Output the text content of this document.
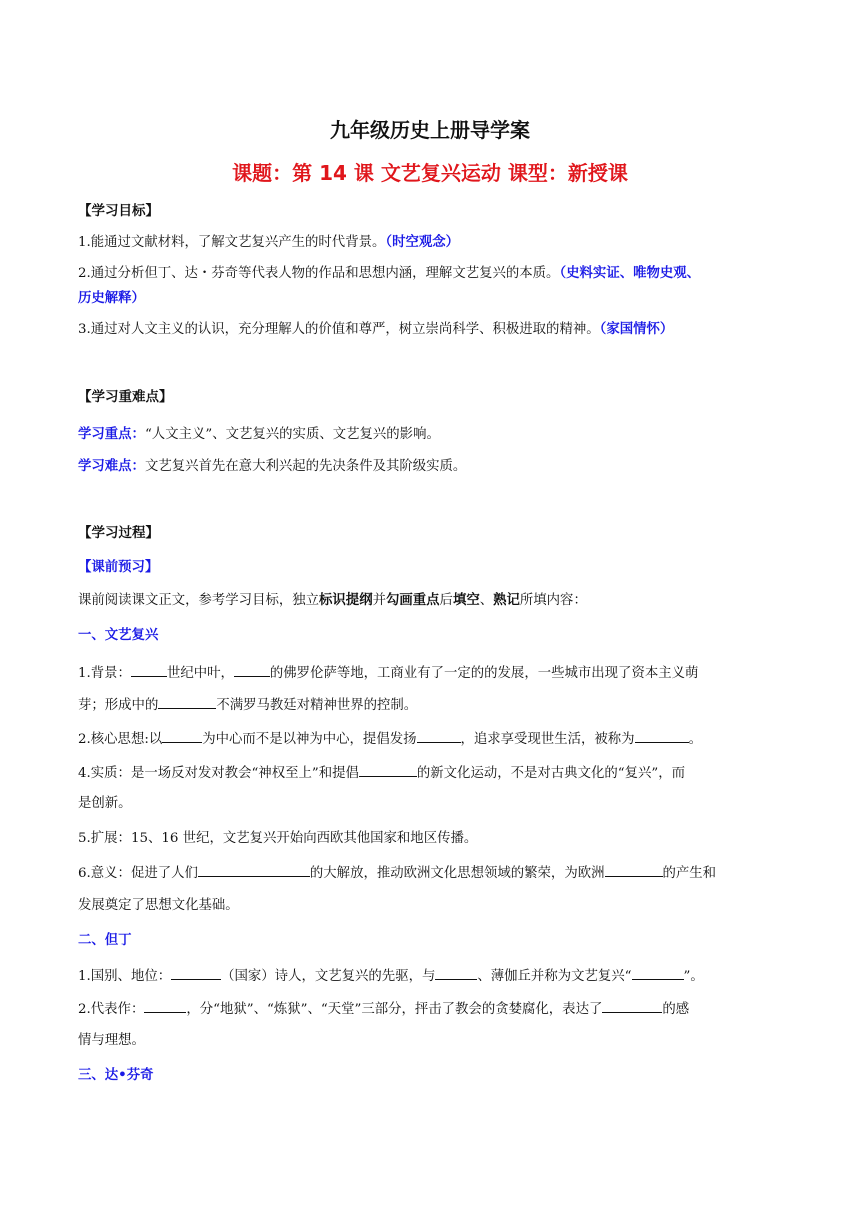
九年级历史上册导学案
课题：第 14 课 文艺复兴运动 课型：新授课
【学习目标】
1.能通过文献材料，了解文艺复兴产生的时代背景。（时空观念）
2.通过分析但丁、达・芬奇等代表人物的作品和思想内涵，理解文艺复兴的本质。（史料实证、唯物史观、
历史解释）
3.通过对人文主义的认识，充分理解人的价值和尊严，树立崇尚科学、积极进取的精神。（家国情怀）
【学习重难点】
学习重点：“人文主义”、文艺复兴的实质、文艺复兴的影响。
学习难点：文艺复兴首先在意大利兴起的先决条件及其阶级实质。
【学习过程】
【课前预习】
课前阅读课文正文，参考学习目标，独立标识提纲并勾画重点后填空、熟记所填内容：
一、文艺复兴
1.背景：	世纪中叶，	的佛罗伦萨等地，工商业有了一定的的发展，一些城市出现了资本主义萌
芽；形成中的	不满罗马教廷对精神世界的控制。
2.核心思想:以	为中心而不是以神为中心，提倡发扬	，追求享受现世生活，被称为	。
4.实质：是一场反对发对教会“神权至上”和提倡	的新文化运动，不是对古典文化的“复兴”，而
是创新。
5.扩展：15、16 世纪，文艺复兴开始向西欧其他国家和地区传播。
6.意义：促进了人们	的大解放，推动欧洲文化思想领域的繁荣，为欧洲	的产生和
发展奠定了思想文化基础。
二、但丁
1.国别、地位：	（国家）诗人，文艺复兴的先驱，与	、薄伽丘并称为文艺复兴“	”。
2.代表作：	，分“地狱”、“炼狱”、“天堂”三部分，抨击了教会的贪婪腐化，表达了	的感
情与理想。
三、达•芬奇
